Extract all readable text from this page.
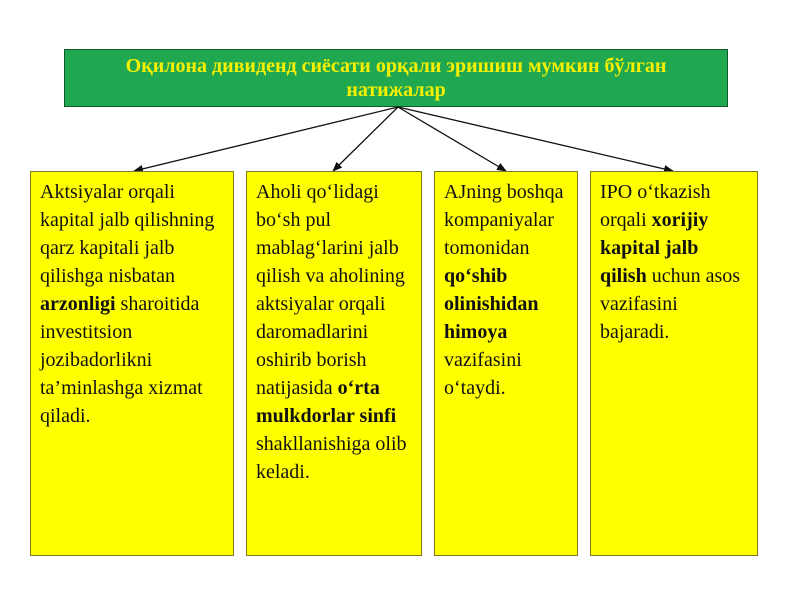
Оқилона дивиденд сиёсати орқали эришиш мумкин бўлган натижалар
Aktsiyalar orqali kapital jalb qilishning qarz kapitali jalb qilishga nisbatan arzonligi sharoitida investitsion jozibadorlikni ta’minlashga xizmat qiladi.
Aholi qo‘lidagi bo‘sh pul mablag‘larini jalb qilish va aholining aktsiyalar orqali daromadlarini oshirib borish natijasida o‘rta mulkdorlar sinfi shakllanishiga olib keladi.
AJning boshqa kompaniyalar tomonidan qo‘shib olinishidan himoya vazifasini o‘taydi.
IPO o‘tkazish orqali xorijiy kapital jalb qilish uchun asos vazifasini bajaradi.
